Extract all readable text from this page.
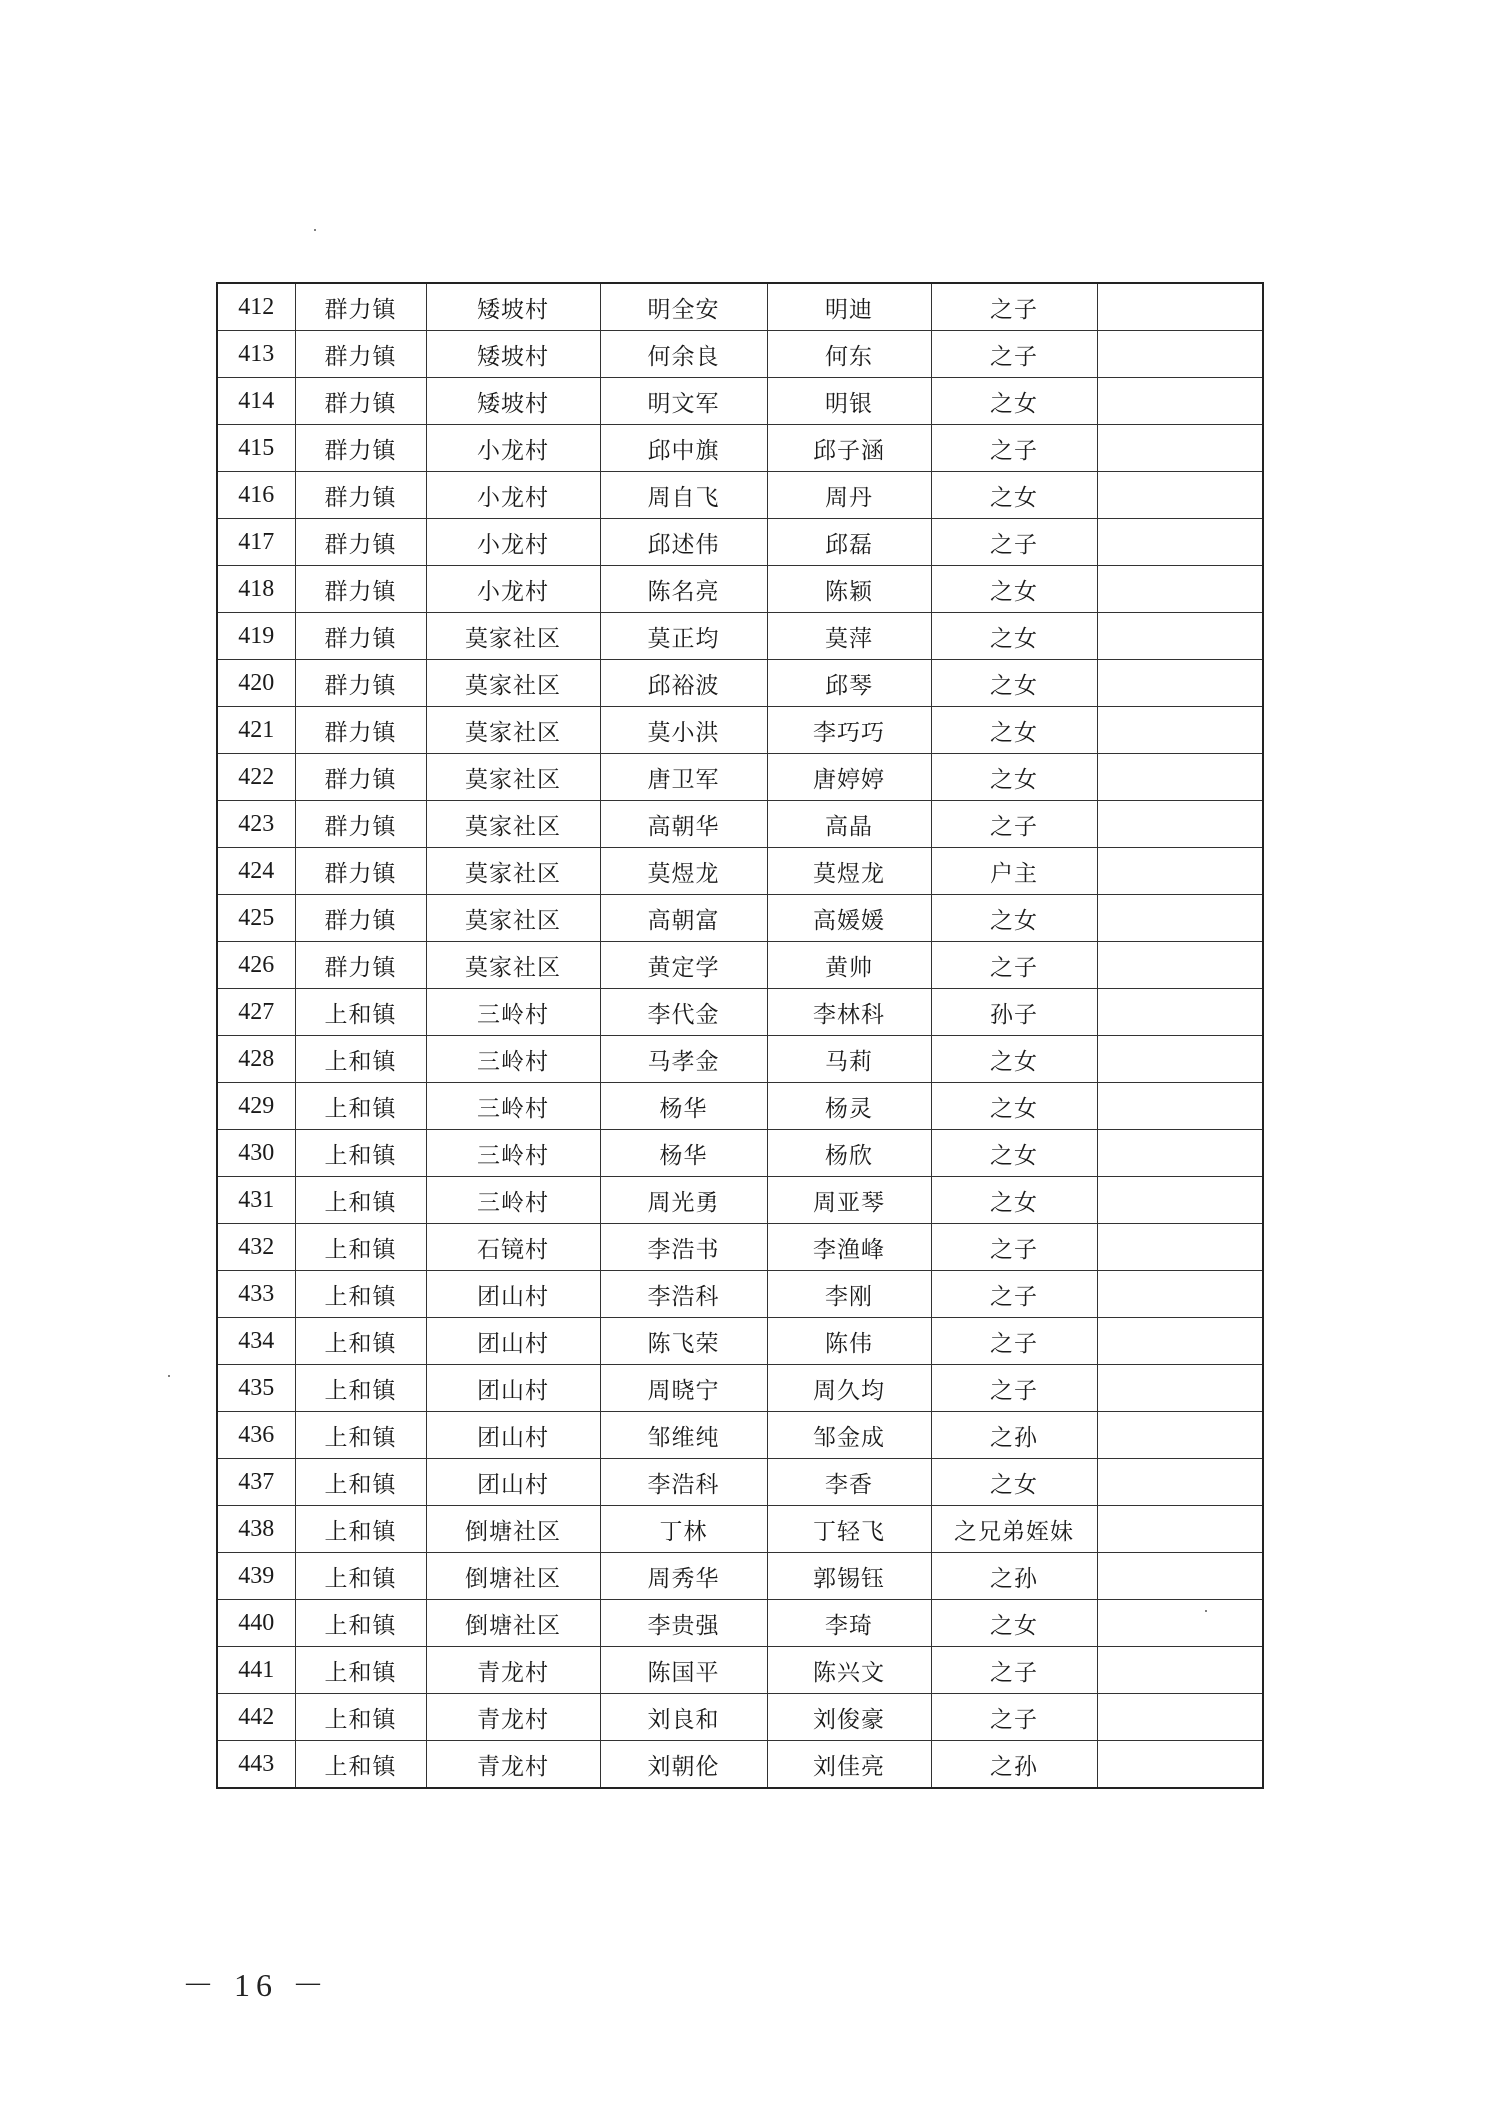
412	群力镇	矮坡村	明全安	明迪	之子	
413	群力镇	矮坡村	何余良	何东	之子	
414	群力镇	矮坡村	明文军	明银	之女	
415	群力镇	小龙村	邱中旗	邱子涵	之子	
416	群力镇	小龙村	周自飞	周丹	之女	
417	群力镇	小龙村	邱述伟	邱磊	之子	
418	群力镇	小龙村	陈名亮	陈颖	之女	
419	群力镇	莫家社区	莫正均	莫萍	之女	
420	群力镇	莫家社区	邱裕波	邱琴	之女	
421	群力镇	莫家社区	莫小洪	李巧巧	之女	
422	群力镇	莫家社区	唐卫军	唐婷婷	之女	
423	群力镇	莫家社区	高朝华	高晶	之子	
424	群力镇	莫家社区	莫煜龙	莫煜龙	户主	
425	群力镇	莫家社区	高朝富	高媛媛	之女	
426	群力镇	莫家社区	黄定学	黄帅	之子	
427	上和镇	三岭村	李代金	李林科	孙子	
428	上和镇	三岭村	马孝金	马莉	之女	
429	上和镇	三岭村	杨华	杨灵	之女	
430	上和镇	三岭村	杨华	杨欣	之女	
431	上和镇	三岭村	周光勇	周亚琴	之女	
432	上和镇	石镜村	李浩书	李渔峰	之子	
433	上和镇	团山村	李浩科	李刚	之子	
434	上和镇	团山村	陈飞荣	陈伟	之子	
435	上和镇	团山村	周晓宁	周久均	之子	
436	上和镇	团山村	邹维纯	邹金成	之孙	
437	上和镇	团山村	李浩科	李香	之女	
438	上和镇	倒塘社区	丁林	丁轻飞	之兄弟姪妹	
439	上和镇	倒塘社区	周秀华	郭锡钰	之孙	
440	上和镇	倒塘社区	李贵强	李琦	之女	
441	上和镇	青龙村	陈国平	陈兴文	之子	
442	上和镇	青龙村	刘良和	刘俊豪	之子	
443	上和镇	青龙村	刘朝伦	刘佳亮	之孙	
－ 16 －
